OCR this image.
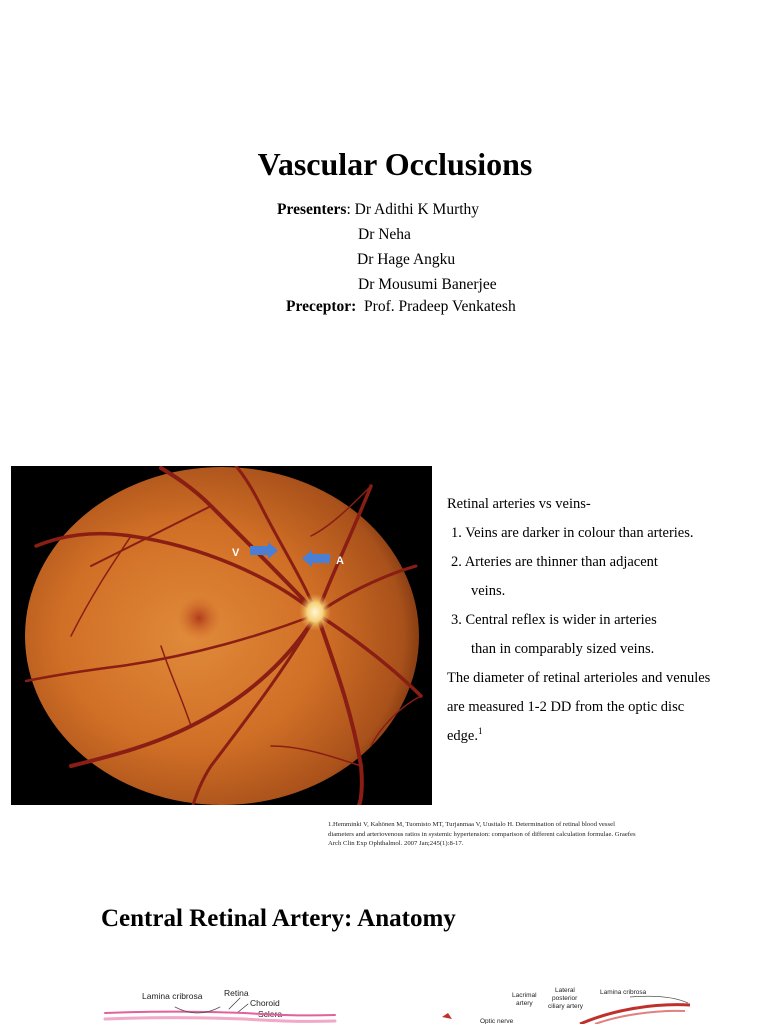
Vascular Occlusions
Presenters: Dr Adithi K Murthy
Dr Neha
Dr Hage Angku
Dr Mousumi Banerjee
Preceptor: Prof. Pradeep Venkatesh
V
A

Retinal arteries vs veins-

1. Veins are darker in colour than arteries.

2. Arteries are thinner than adjacent

veins.

3. Central reflex is wider in arteries

than in comparably sized veins.

The diameter of retinal arterioles and venules

are measured 1-2 DD from the optic disc

edge.$^1$

1.Hemminki V, Kahönen M, Tuomisto MT, Turjanmaa V, Uusitalo H. Determination of retinal blood vessel
diameters and arteriovenous ratios in systemic hypertension: comparison of different calculation formulae. Graefes
Arch Clin Exp Ophthalmol. 2007 Jan;245(1):8-17.
Central Retinal Artery: Anatomy
Lamina cribrosa	Retina
Choroid
Sclera
Lacrimal
artery
Lateral
posterior
ciliary artery
Lamina cribrosa
Optic nerve
